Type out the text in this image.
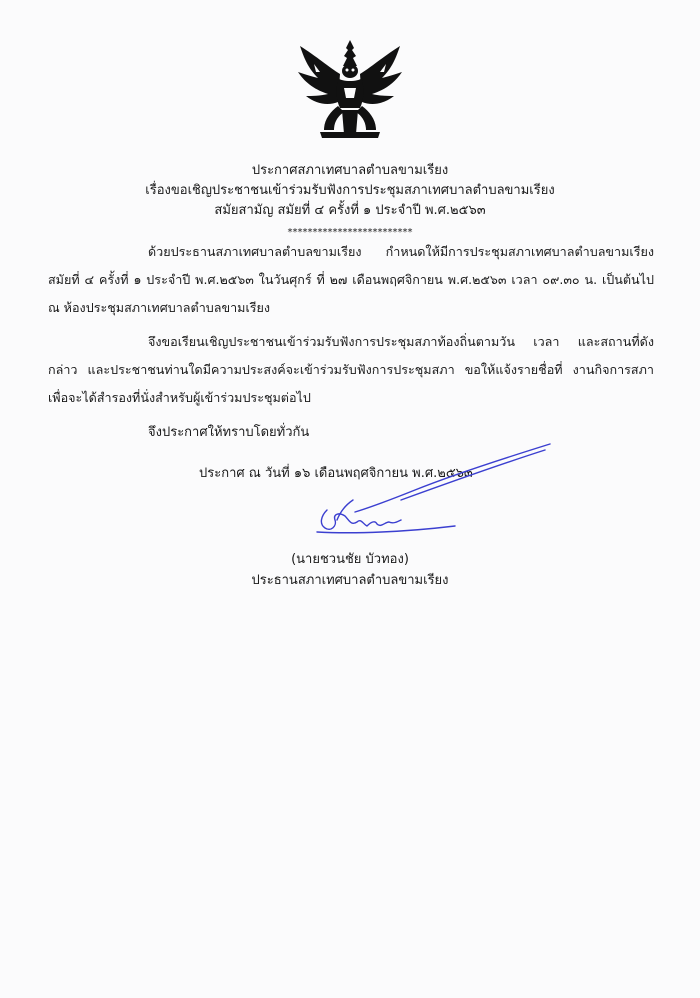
ประกาศสภาเทศบาลตำบลขามเรียง
เรื่องขอเชิญประชาชนเข้าร่วมรับฟังการประชุมสภาเทศบาลตำบลขามเรียง
สมัยสามัญ สมัยที่ ๔ ครั้งที่ ๑ ประจำปี พ.ศ.๒๕๖๓
*************************
ด้วยประธานสภาเทศบาลตำบลขามเรียง กำหนดให้มีการประชุมสภาเทศบาลตำบลขามเรียง สมัยที่ ๔ ครั้งที่ ๑ ประจำปี พ.ศ.๒๕๖๓ ในวันศุกร์ ที่ ๒๗ เดือนพฤศจิกายน พ.ศ.๒๕๖๓ เวลา ๐๙.๓๐ น. เป็นต้นไป ณ ห้องประชุมสภาเทศบาลตำบลขามเรียง
จึงขอเรียนเชิญประชาชนเข้าร่วมรับฟังการประชุมสภาท้องถิ่นตามวัน เวลา และสถานที่ดังกล่าว และประชาชนท่านใดมีความประสงค์จะเข้าร่วมรับฟังการประชุมสภา ขอให้แจ้งรายชื่อที่ งานกิจการสภา เพื่อจะได้สำรองที่นั่งสำหรับผู้เข้าร่วมประชุมต่อไป
จึงประกาศให้ทราบโดยทั่วกัน
ประกาศ ณ วันที่ ๑๖ เดือนพฤศจิกายน พ.ศ.๒๕๖๓
(นายชวนชัย บัวทอง)
ประธานสภาเทศบาลตำบลขามเรียง
